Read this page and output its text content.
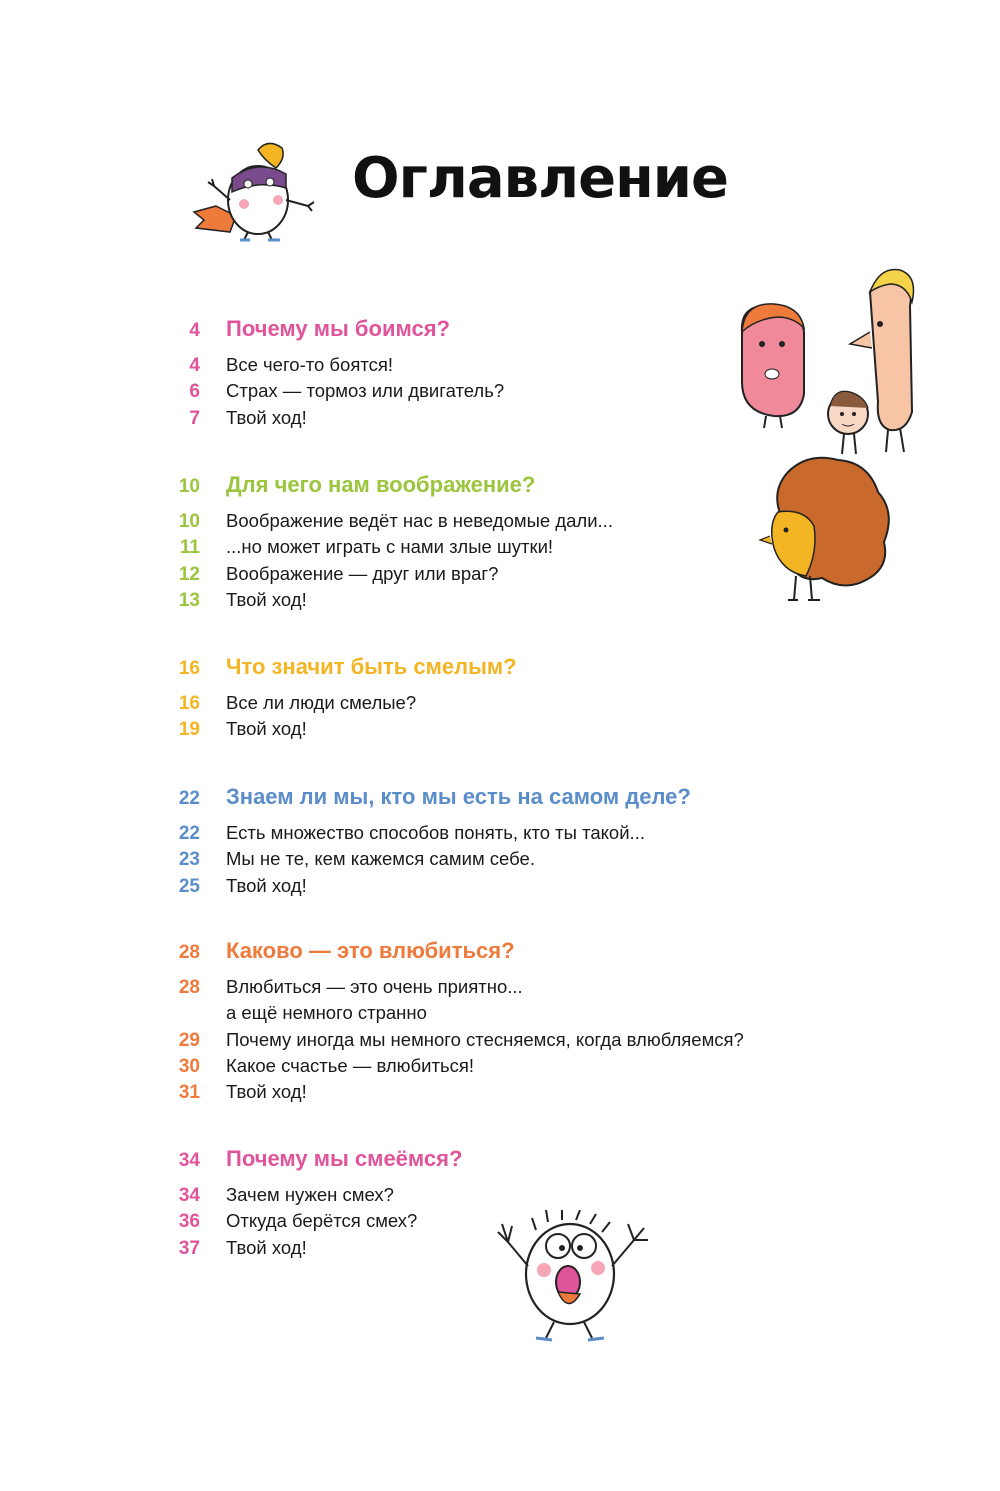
Оглавление
4 Почему мы боимся?
4 Все чего-то боятся!
6 Страх — тормоз или двигатель?
7 Твой ход!
10 Для чего нам воображение?
10 Воображение ведёт нас в неведомые дали...
11 ...но может играть с нами злые шутки!
12 Воображение — друг или враг?
13 Твой ход!
16 Что значит быть смелым?
16 Все ли люди смелые?
19 Твой ход!
22 Знаем ли мы, кто мы есть на самом деле?
22 Есть множество способов понять, кто ты такой...
23 Мы не те, кем кажемся самим себе.
25 Твой ход!
28 Каково — это влюбиться?
28 Влюбиться — это очень приятно...
а ещё немного странно
29 Почему иногда мы немного стесняемся, когда влюбляемся?
30 Какое счастье — влюбиться!
31 Твой ход!
34 Почему мы смеёмся?
34 Зачем нужен смех?
36 Откуда берётся смех?
37 Твой ход!
